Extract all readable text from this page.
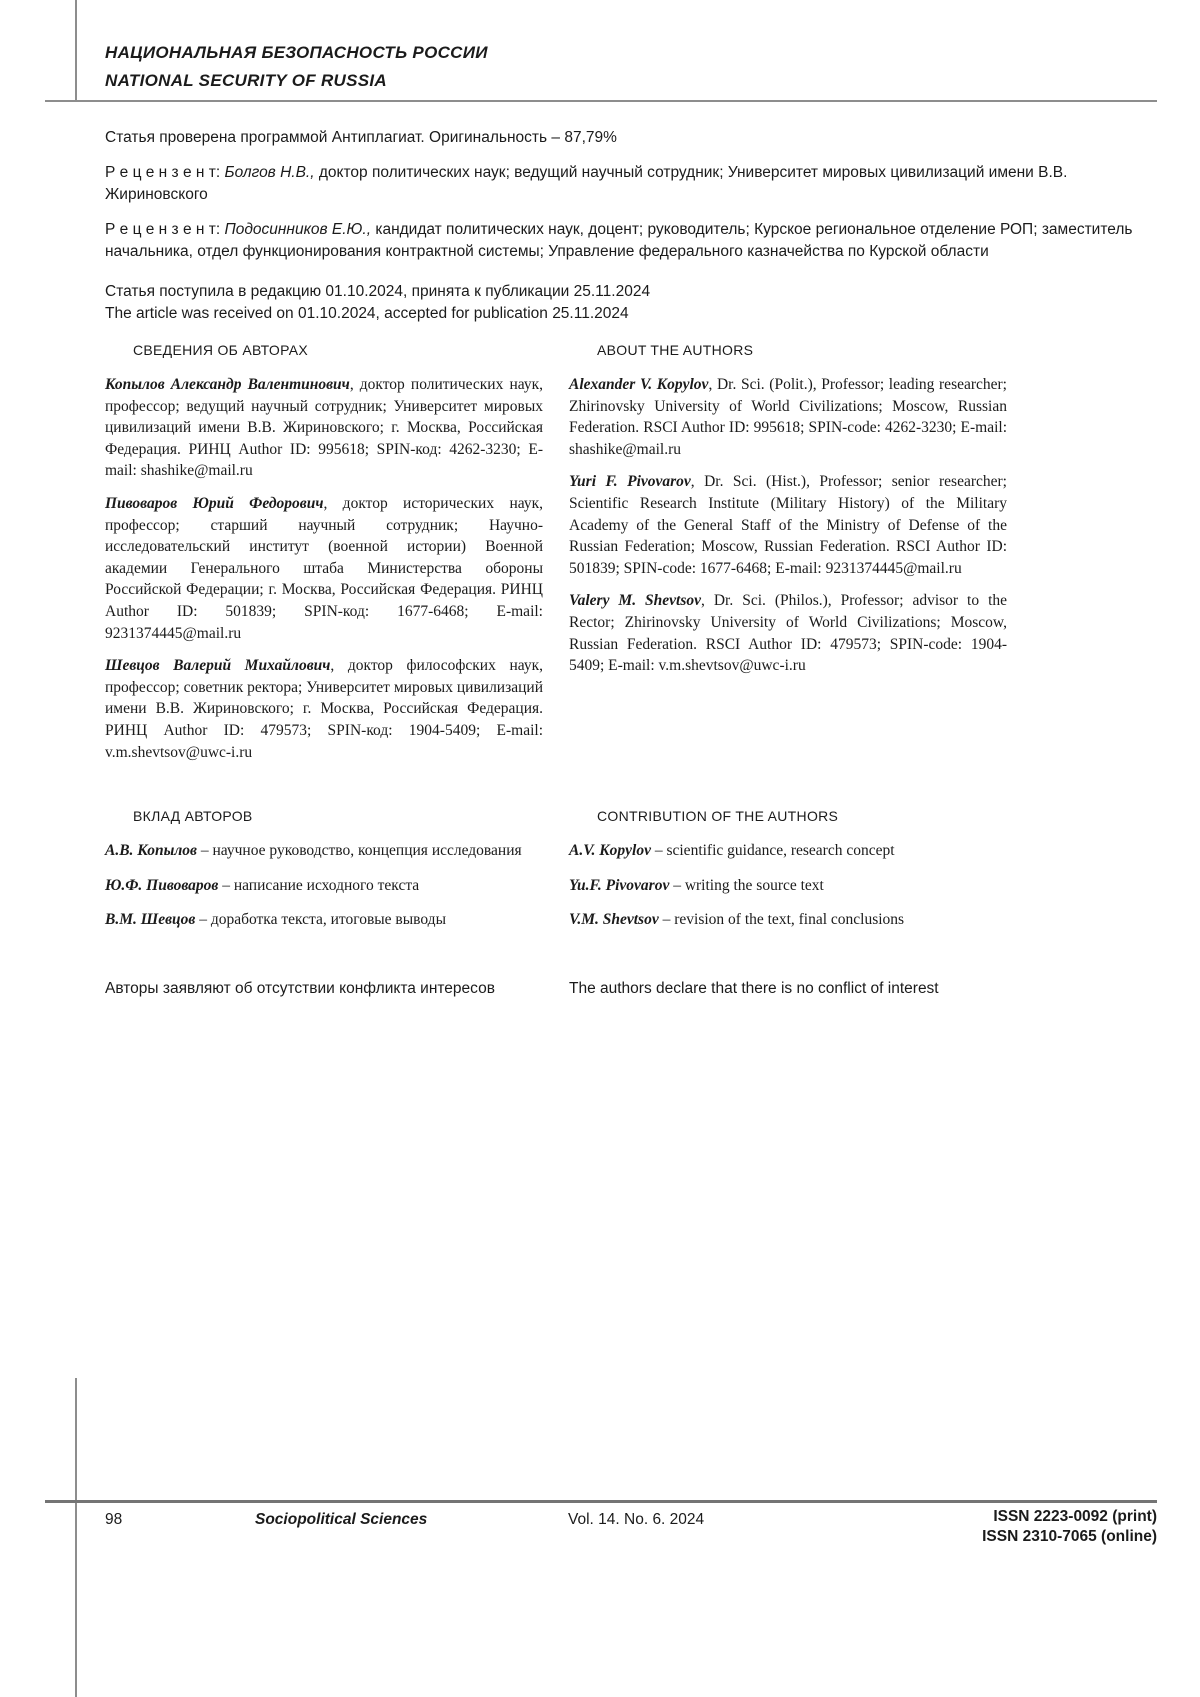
НАЦИОНАЛЬНАЯ БЕЗОПАСНОСТЬ РОССИИ
NATIONAL SECURITY OF RUSSIA

Статья проверена программой Антиплагиат. Оригинальность – 87,79%

Р е ц е н з е н т: Болгов Н.В., доктор политических наук; ведущий научный сотрудник; Университет мировых цивилизаций имени В.В. Жириновского

Р е ц е н з е н т: Подосинников Е.Ю., кандидат политических наук, доцент; руководитель; Курское региональное отделение РОП; заместитель начальника, отдел функционирования контрактной системы; Управление федерального казначейства по Курской области

Статья поступила в редакцию 01.10.2024, принята к публикации 25.11.2024
The article was received on 01.10.2024, accepted for publication 25.11.2024

СВЕДЕНИЯ ОБ АВТОРАХ

Копылов Александр Валентинович, доктор политических наук, профессор; ведущий научный сотрудник; Университет мировых цивилизаций имени В.В. Жириновского; г. Москва, Российская Федерация. РИНЦ Author ID: 995618; SPIN-код: 4262-3230; E-mail: shashike@mail.ru

Пивоваров Юрий Федорович, доктор исторических наук, профессор; старший научный сотрудник; Научно-исследовательский институт (военной истории) Военной академии Генерального штаба Министерства обороны Российской Федерации; г. Москва, Российская Федерация. РИНЦ Author ID: 501839; SPIN-код: 1677-6468; E-mail: 9231374445@mail.ru

Шевцов Валерий Михайлович, доктор философских наук, профессор; советник ректора; Университет мировых цивилизаций имени В.В. Жириновского; г. Москва, Российская Федерация. РИНЦ Author ID: 479573; SPIN-код: 1904-5409; E-mail: v.m.shevtsov@uwc-i.ru

ABOUT THE AUTHORS

Alexander V. Kopylov, Dr. Sci. (Polit.), Professor; leading researcher; Zhirinovsky University of World Civilizations; Moscow, Russian Federation. RSCI Author ID: 995618; SPIN-code: 4262-3230; E-mail: shashike@mail.ru

Yuri F. Pivovarov, Dr. Sci. (Hist.), Professor; senior researcher; Scientific Research Institute (Military History) of the Military Academy of the General Staff of the Ministry of Defense of the Russian Federation; Moscow, Russian Federation. RSCI Author ID: 501839; SPIN-code: 1677-6468; E-mail: 9231374445@mail.ru

Valery M. Shevtsov, Dr. Sci. (Philos.), Professor; advisor to the Rector; Zhirinovsky University of World Civilizations; Moscow, Russian Federation. RSCI Author ID: 479573; SPIN-code: 1904-5409; E-mail: v.m.shevtsov@uwc-i.ru

ВКЛАД АВТОРОВ

А.В. Копылов – научное руководство, концепция исследования

Ю.Ф. Пивоваров – написание исходного текста

В.М. Шевцов – доработка текста, итоговые выводы

CONTRIBUTION OF THE AUTHORS

A.V. Kopylov – scientific guidance, research concept

Yu.F. Pivovarov – writing the source text

V.M. Shevtsov – revision of the text, final conclusions

Авторы заявляют об отсутствии конфликта интересов	The authors declare that there is no conflict of interest
98	Sociopolitical Sciences	Vol. 14. No. 6. 2024	ISSN 2223-0092 (print)
ISSN 2310-7065 (online)
